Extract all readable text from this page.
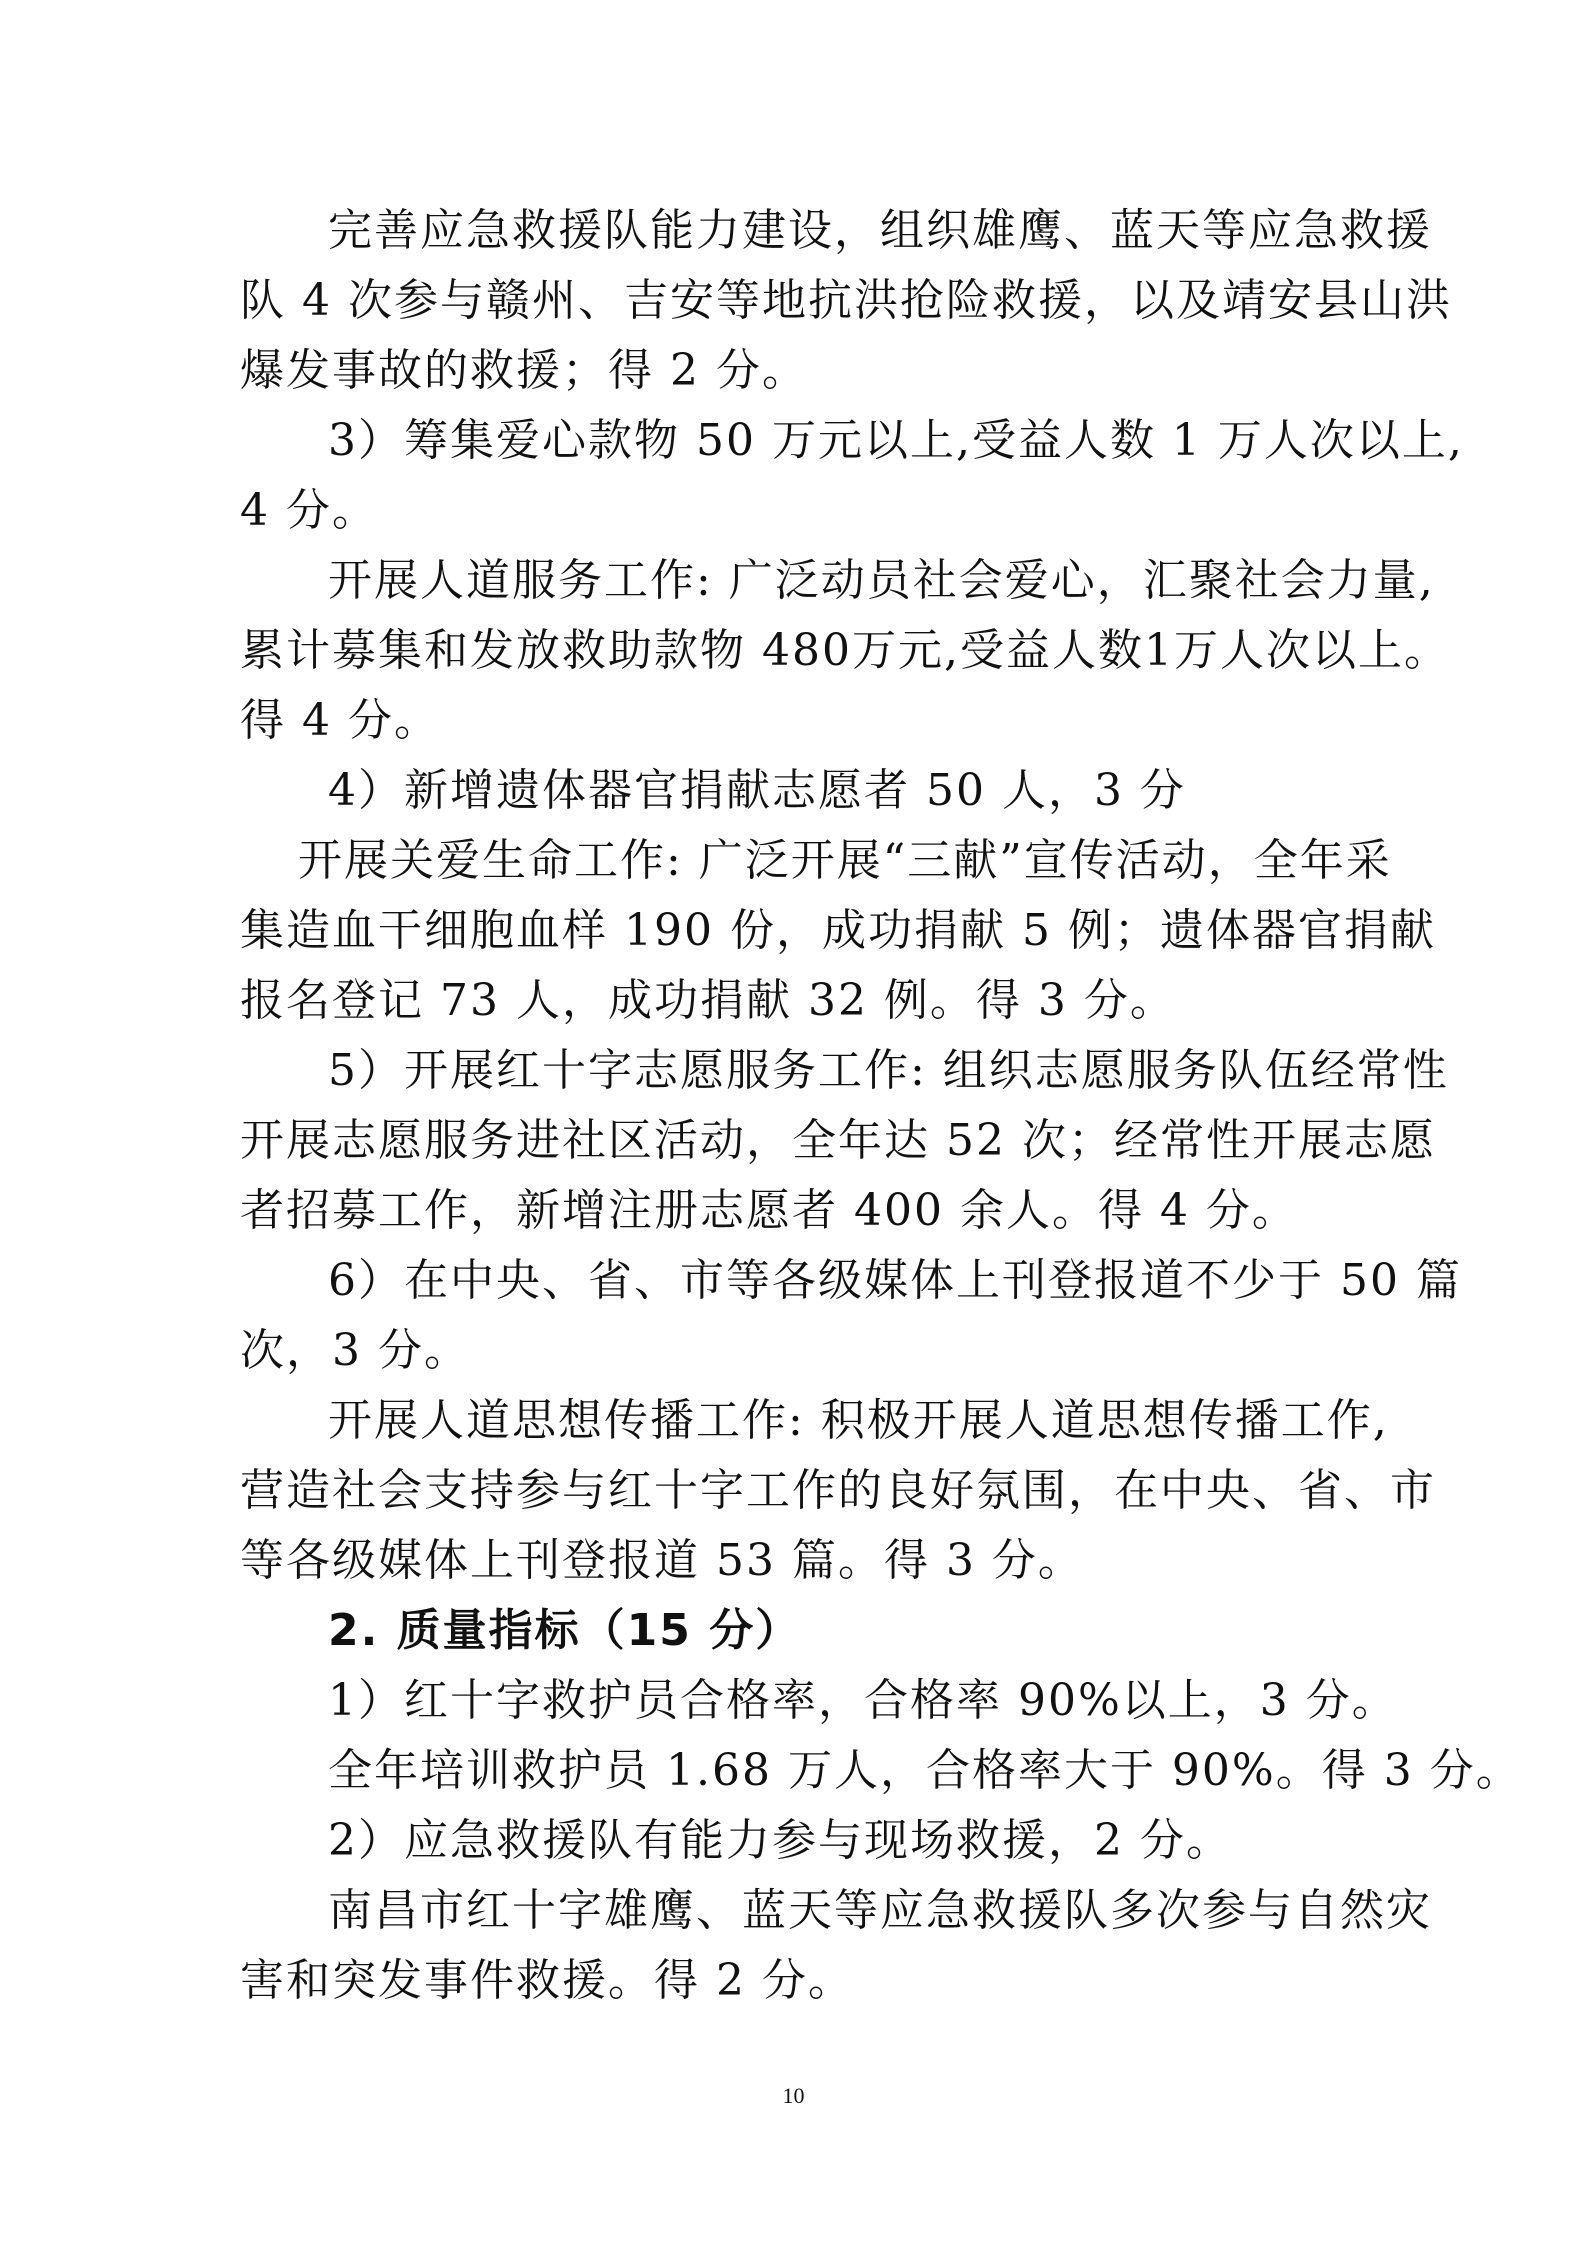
完善应急救援队能力建设，组织雄鹰、蓝天等应急救援
队 4 次参与赣州、吉安等地抗洪抢险救援，以及靖安县山洪
爆发事故的救援；得 2 分。
3）筹集爱心款物 50 万元以上,受益人数 1 万人次以上,
4 分。
开展人道服务工作: 广泛动员社会爱心，汇聚社会力量,
累计募集和发放救助款物 480万元,受益人数1万人次以上。
得 4 分。
4）新增遗体器官捐献志愿者 50 人，3 分
开展关爱生命工作: 广泛开展“三献”宣传活动，全年采
集造血干细胞血样 190 份，成功捐献 5 例；遗体器官捐献
报名登记 73 人，成功捐献 32 例。得 3 分。
5）开展红十字志愿服务工作: 组织志愿服务队伍经常性
开展志愿服务进社区活动，全年达 52 次；经常性开展志愿
者招募工作，新增注册志愿者 400 余人。得 4 分。
6）在中央、省、市等各级媒体上刊登报道不少于 50 篇
次，3 分。
开展人道思想传播工作: 积极开展人道思想传播工作,
营造社会支持参与红十字工作的良好氛围，在中央、省、市
等各级媒体上刊登报道 53 篇。得 3 分。
2. 质量指标（15 分）
1）红十字救护员合格率，合格率 90%以上，3 分。
全年培训救护员 1.68 万人，合格率大于 90%。得 3 分。
2）应急救援队有能力参与现场救援，2 分。
南昌市红十字雄鹰、蓝天等应急救援队多次参与自然灾
害和突发事件救援。得 2 分。
10
